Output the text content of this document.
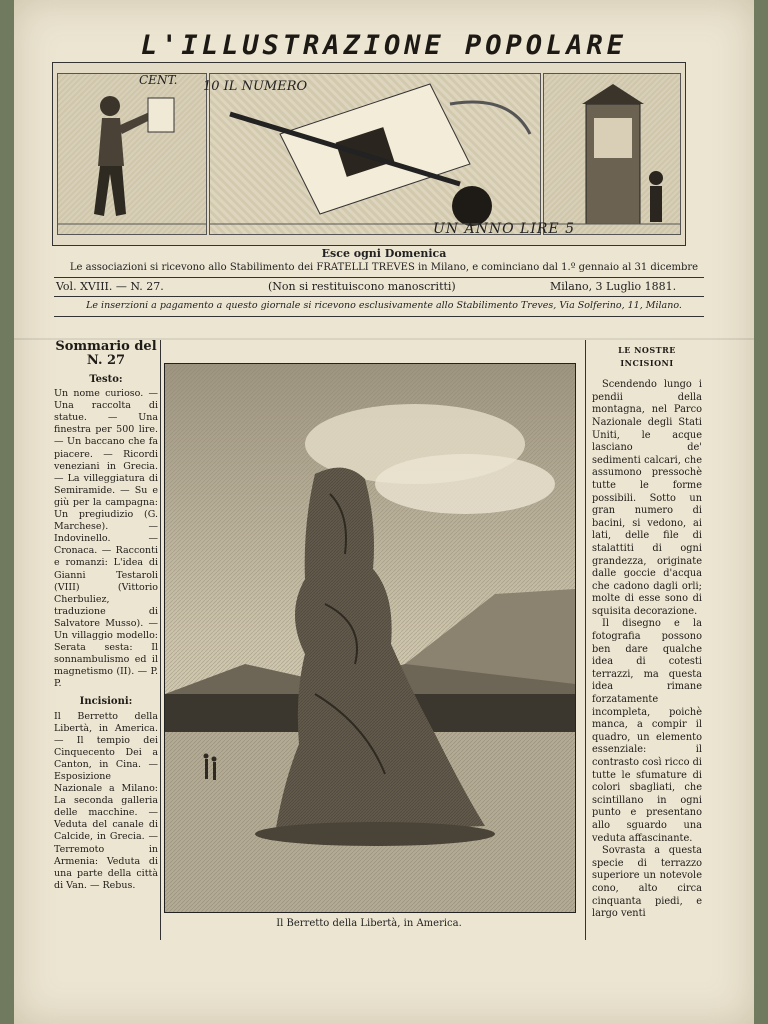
L'ILLUSTRAZIONE POPOLARE
CENT. 10 IL NUMERO
UN ANNO LIRE 5
Esce ogni Domenica
Le associazioni si ricevono allo Stabilimento dei FRATELLI TREVES in Milano, e cominciano dal 1.º gennaio al 31 dicembre
Vol. XVIII. — N. 27.	(Non si restituiscono manoscritti)	Milano, 3 Luglio 1881.
Le inserzioni a pagamento a questo giornale si ricevono esclusivamente allo Stabilimento Treves, Via Solferino, 11, Milano.
Sommario del N. 27
Testo:

Un nome curioso. — Una raccolta di statue. — Una finestra per 500 lire. — Un baccano che fa piacere. — Ricordi veneziani in Grecia. — La villeggiatura di Semiramide. — Su e giù per la campagna: Un pregiudizio (G. Marchese). — Indovinello. — Cronaca. — Racconti e romanzi: L'idea di Gianni Testaroli (VIII) (Vittorio Cherbuliez, traduzione di Salvatore Musso). — Un villaggio modello: Serata sesta: Il sonnambulismo ed il magnetismo (II). — P. P.

Incisioni:

Il Berretto della Libertà, in America. — Il tempio dei Cinquecento Dei a Canton, in Cina. — Esposizione Nazionale a Milano: La seconda galleria delle macchine. — Veduta del canale di Calcide, in Grecia. — Terremoto in Armenia: Veduta di una parte della città di Van. — Rebus.

Il Berretto della Libertà, in America.
LE NOSTRE INCISIONI

Scendendo lungo i pendii della montagna, nel Parco Nazionale degli Stati Uniti, le acque lasciano de' sedimenti calcari, che assumono pressochè tutte le forme possibili. Sotto un gran numero di bacini, si vedono, ai lati, delle file di stalattiti di ogni grandezza, originate dalle goccie d'acqua che cadono dagli orli; molte di esse sono di squisita decorazione.

Il disegno e la fotografia possono ben dare qualche idea di cotesti terrazzi, ma questa idea rimane forzatamente incompleta, poichè manca, a compir il quadro, un elemento essenziale: il contrasto così ricco di tutte le sfumature di colori sbagliati, che scintillano in ogni punto e presentano allo sguardo una veduta affascinante.

Sovrasta a questa specie di terrazzo superiore un notevole cono, alto circa cinquanta piedi, e largo venti
